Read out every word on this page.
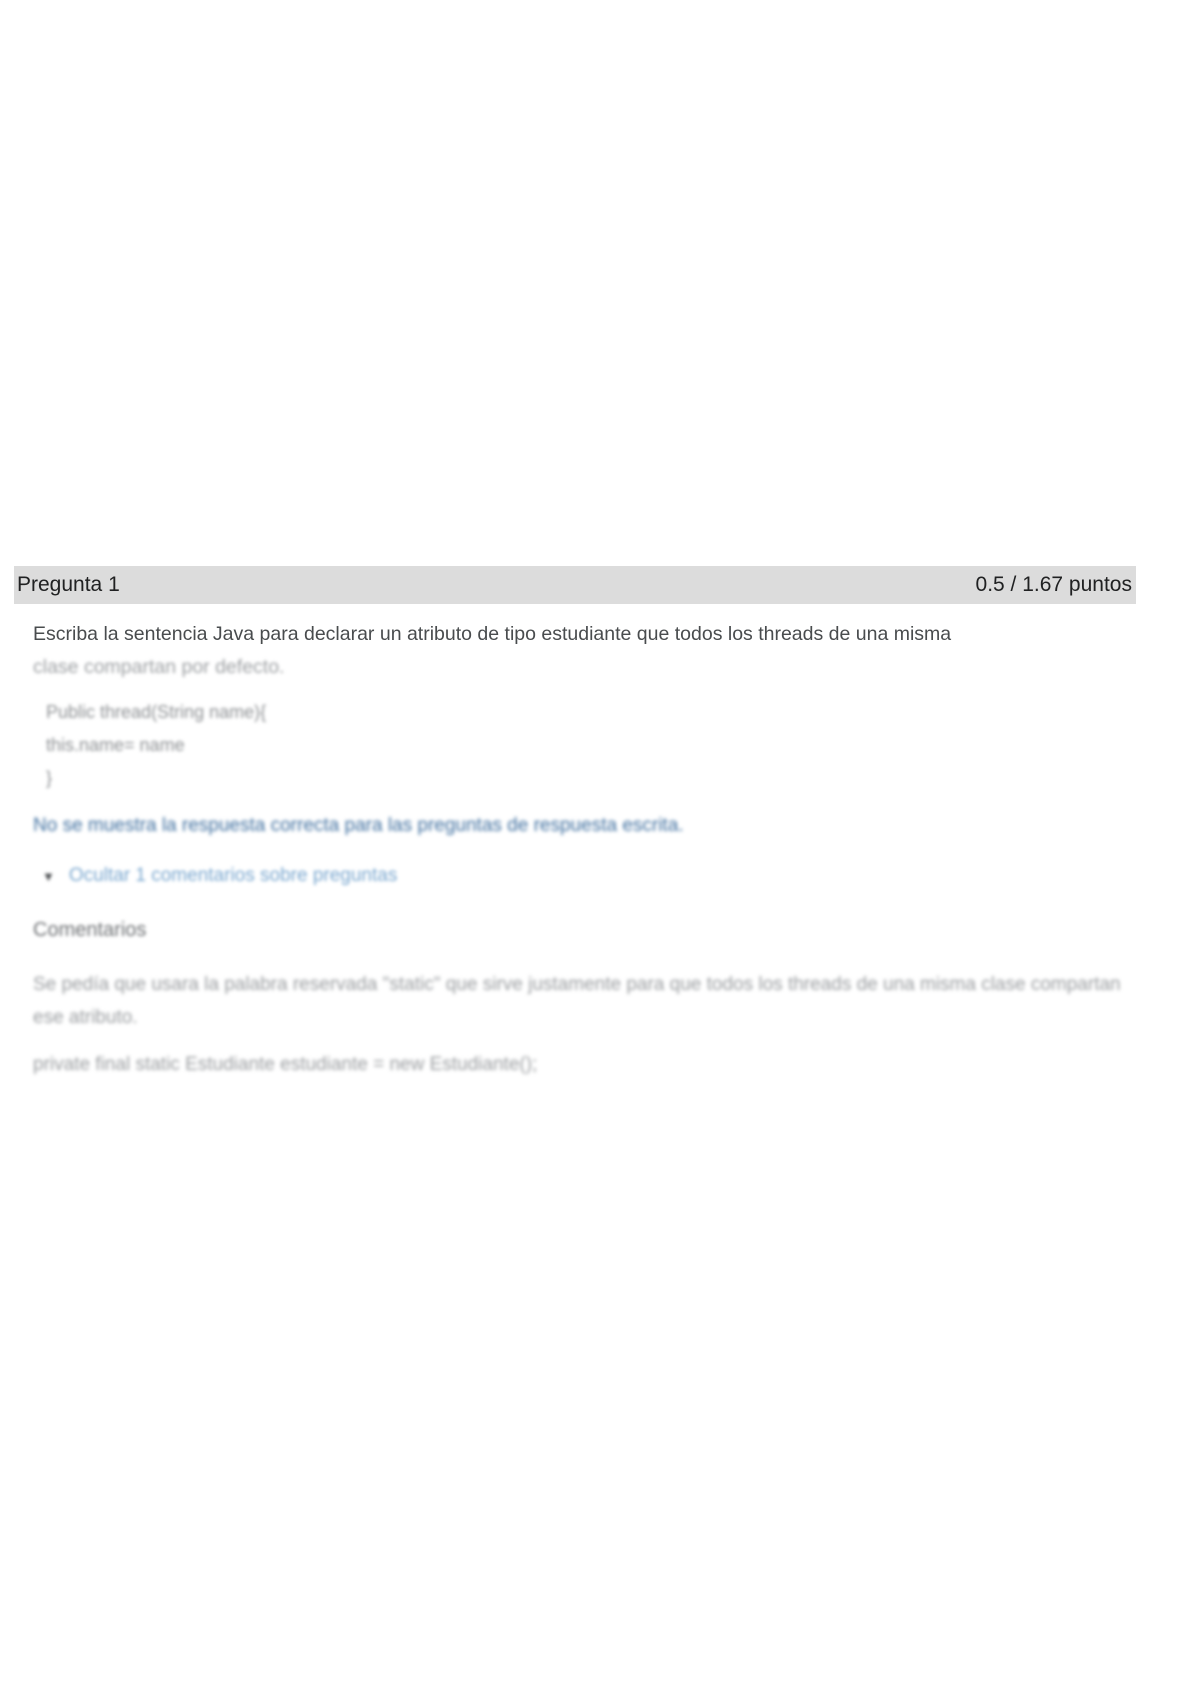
Pregunta 1	0.5 / 1.67 puntos

Escriba la sentencia Java para declarar un atributo de tipo estudiante que todos los threads de una misma
clase compartan por defecto.

Public thread(String name){
this.name= name
}
No se muestra la respuesta correcta para las preguntas de respuesta escrita.
▼ Ocultar 1 comentarios sobre preguntas
Comentarios
Se pedía que usara la palabra reservada "static" que sirve justamente para que todos los threads de una misma clase compartan ese atributo.
private final static Estudiante estudiante = new Estudiante();
